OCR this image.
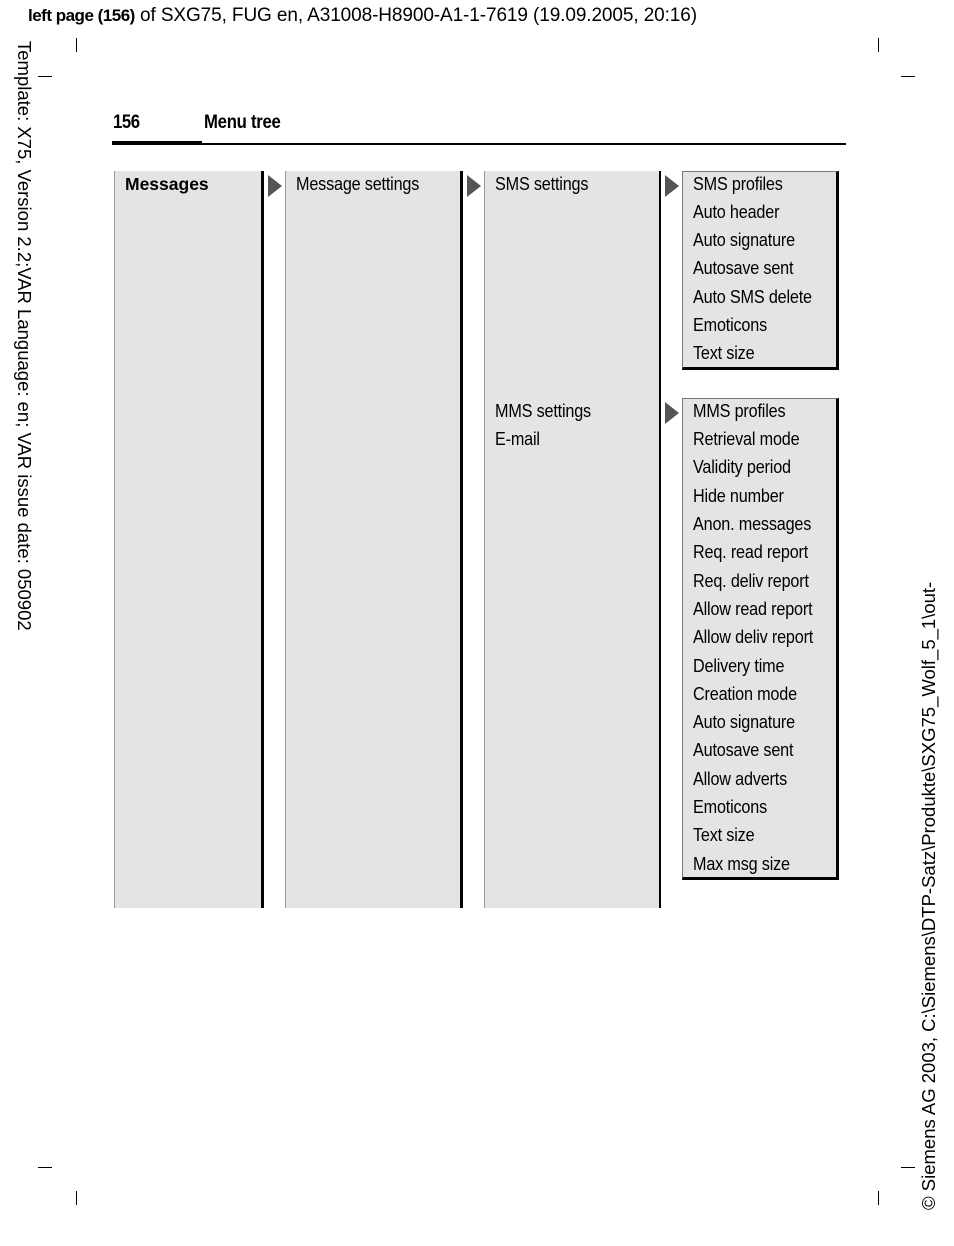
left page (156) of SXG75, FUG en, A31008-H8900-A1-1-7619 (19.09.2005, 20:16)
Template: X75, Version 2.2;VAR Language: en; VAR issue date: 050902
© Siemens AG 2003, C:\Siemens\DTP-Satz\Produkte\SXG75_Wolf_5_1\out-
156	Menu tree
Messages	Message settings	SMS settings
MMS settings
E-mail
SMS profiles
Auto header
Auto signature
Autosave sent
Auto SMS delete
Emoticons
Text size
MMS profiles
Retrieval mode
Validity period
Hide number
Anon. messages
Req. read report
Req. deliv report
Allow read report
Allow deliv report
Delivery time
Creation mode
Auto signature
Autosave sent
Allow adverts
Emoticons
Text size
Max msg size
